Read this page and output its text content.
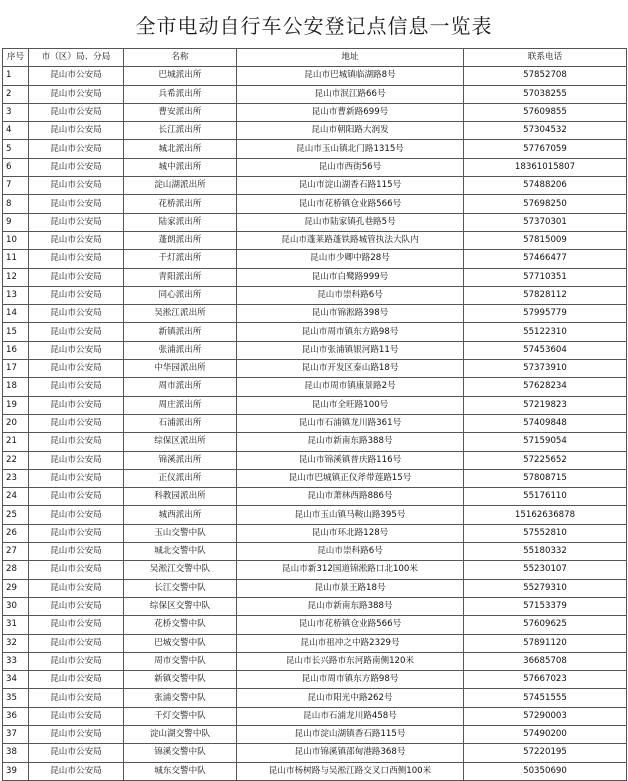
全市电动自行车公安登记点信息一览表
序号	市（区）局、分局	名称	地址	联系电话
1	昆山市公安局	巴城派出所	昆山市巴城镇临湖路8号	57852708
2	昆山市公安局	兵希派出所	昆山市泯江路66号	57038255
3	昆山市公安局	曹安派出所	昆山市曹新路699号	57609855
4	昆山市公安局	长江派出所	昆山市朝阳路大润发	57304532
5	昆山市公安局	城北派出所	昆山市玉山镇北门路1315号	57767059
6	昆山市公安局	城中派出所	昆山市西街56号	18361015807
7	昆山市公安局	淀山湖派出所	昆山市淀山湖香石路115号	57488206
8	昆山市公安局	花桥派出所	昆山市花桥镇仓业路566号	57698250
9	昆山市公安局	陆家派出所	昆山市陆家镇孔巷路5号	57370301
10	昆山市公安局	蓬朗派出所	昆山市蓬莱路蓬铁路城管执法大队内	57815009
11	昆山市公安局	千灯派出所	昆山市少卿中路28号	57466477
12	昆山市公安局	青阳派出所	昆山市白鹭路999号	57710351
13	昆山市公安局	同心派出所	昆山市崇科路6号	57828112
14	昆山市公安局	吴淞江派出所	昆山市锦淞路398号	57995779
15	昆山市公安局	新镇派出所	昆山市周市镇东方路98号	55122310
16	昆山市公安局	张浦派出所	昆山市张浦镇银河路11号	57453604
17	昆山市公安局	中华园派出所	昆山市开发区泰山路18号	57373910
18	昆山市公安局	周市派出所	昆山市周市镇康景路2号	57628234
19	昆山市公安局	周庄派出所	昆山市全旺路100号	57219823
20	昆山市公安局	石浦派出所	昆山市石浦镇龙川路361号	57409848
21	昆山市公安局	综保区派出所	昆山市新南东路388号	57159054
22	昆山市公安局	锦溪派出所	昆山市锦溪镇普庆路116号	57225652
23	昆山市公安局	正仪派出所	昆山市巴城镇正仪斧带莲路15号	57808715
24	昆山市公安局	科教园派出所	昆山市萧林西路886号	55176110
25	昆山市公安局	城西派出所	昆山市玉山镇马鞍山路395号	15162636878
26	昆山市公安局	玉山交警中队	昆山市环北路128号	57552810
27	昆山市公安局	城北交警中队	昆山市崇科路6号	55180332
28	昆山市公安局	吴淞江交警中队	昆山市新312国道锦淞路口北100米	55230107
29	昆山市公安局	长江交警中队	昆山市景王路18号	55279310
30	昆山市公安局	综保区交警中队	昆山市新南东路388号	57153379
31	昆山市公安局	花桥交警中队	昆山市花桥镇仓业路566号	57609625
32	昆山市公安局	巴城交警中队	昆山市祖冲之中路2329号	57891120
33	昆山市公安局	周市交警中队	昆山市长兴路市东河路南侧120米	36685708
34	昆山市公安局	新镇交警中队	昆山市周市镇东方路98号	57667023
35	昆山市公安局	张浦交警中队	昆山市阳光中路262号	57451555
36	昆山市公安局	千灯交警中队	昆山市石浦龙川路458号	57290003
37	昆山市公安局	淀山湖交警中队	昆山市淀山湖镇香石路115号	57490200
38	昆山市公安局	锦溪交警中队	昆山市锦溪镇邵甸港路368号	57220195
39	昆山市公安局	城东交警中队	昆山市杨树路与吴淞江路交叉口西侧100米	50350690
